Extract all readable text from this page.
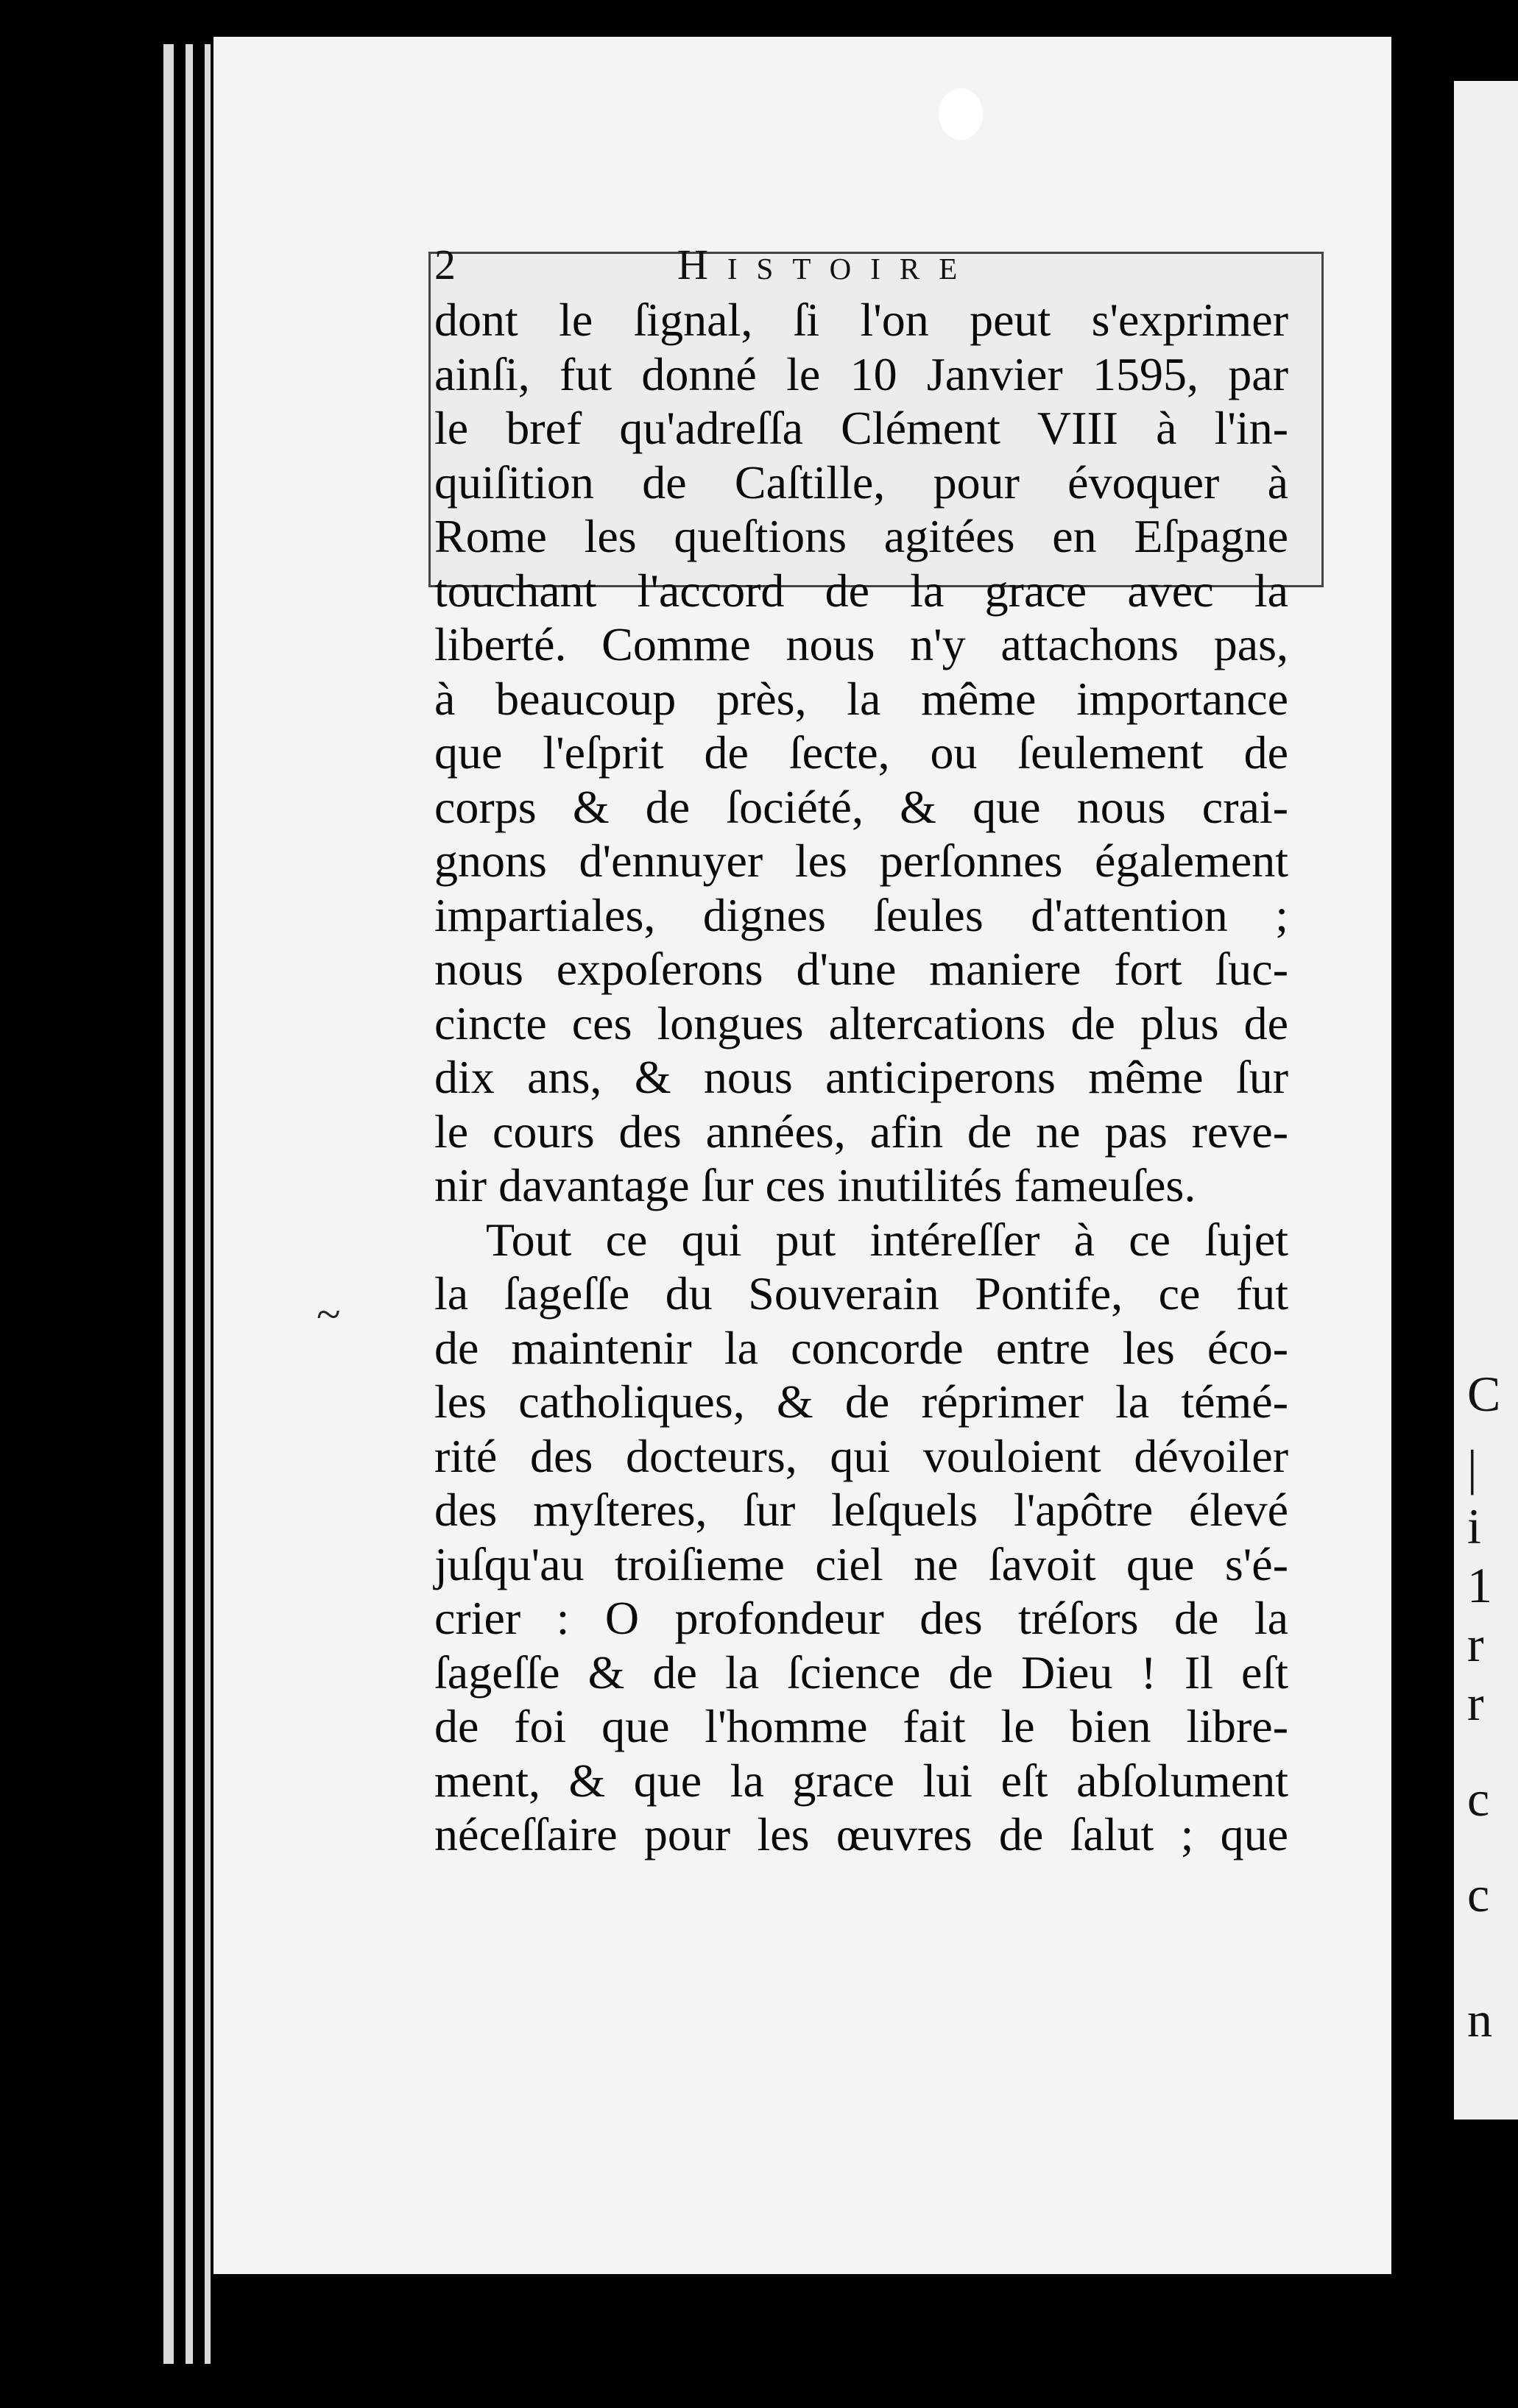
C
|
i
1
r
r
c
c
n
2	Histoire
~
dont le ſignal, ſi l'on peut s'exprimer
ainſi, fut donné le 10 Janvier 1595, par
le bref qu'adreſſa Clément VIII à l'in-
quiſition de Caſtille, pour évoquer à
Rome les queſtions agitées en Eſpagne
touchant l'accord de la grace avec la
liberté. Comme nous n'y attachons pas,
à beaucoup près, la même importance
que l'eſprit de ſecte, ou ſeulement de
corps & de ſociété, & que nous crai-
gnons d'ennuyer les perſonnes également
impartiales, dignes ſeules d'attention ;
nous expoſerons d'une maniere fort ſuc-
cincte ces longues altercations de plus de
dix ans, & nous anticiperons même ſur
le cours des années, afin de ne pas reve-
nir davantage ſur ces inutilités fameuſes.
Tout ce qui put intéreſſer à ce ſujet
la ſageſſe du Souverain Pontife, ce fut
de maintenir la concorde entre les éco-
les catholiques, & de réprimer la témé-
rité des docteurs, qui vouloient dévoiler
des myſteres, ſur leſquels l'apôtre élevé
juſqu'au troiſieme ciel ne ſavoit que s'é-
crier : O profondeur des tréſors de la
ſageſſe & de la ſcience de Dieu ! Il eſt
de foi que l'homme fait le bien libre-
ment, & que la grace lui eſt abſolument
néceſſaire pour les œuvres de ſalut ; que
